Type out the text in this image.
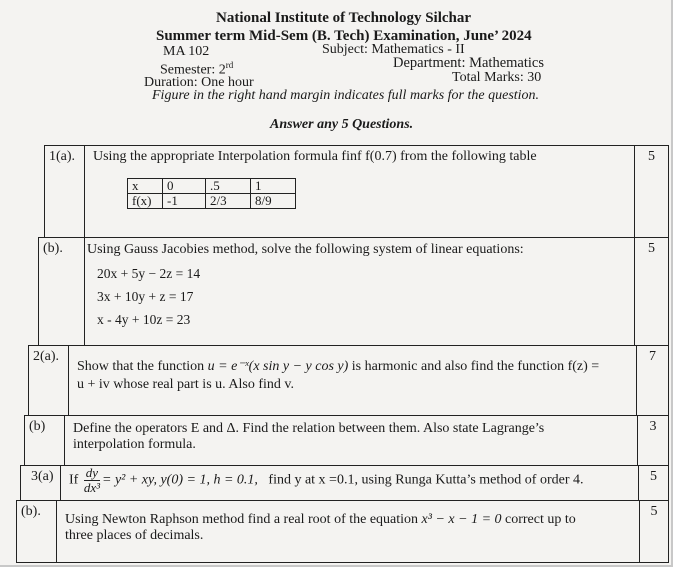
National Institute of Technology Silchar
Summer term Mid-Sem (B. Tech) Examination, June’ 2024
MA 102	Subject: Mathematics - II
Semester: 2rd	Department: Mathematics
Duration: One hour	Total Marks: 30
Figure in the right hand margin indicates full marks for the question.
Answer any 5 Questions.
1(a).	Using the appropriate Interpolation formula finf f(0.7) from the following table
x	0	.5	1
f(x)	-1	2/3	8/9
5
(b).	Using Gauss Jacobies method, solve the following system of linear equations:
20x + 5y − 2z = 14
3x + 10y + z = 17
x - 4y + 10z = 23
5
2(a).
Show that the function u = e⁻ˣ(x sin y − y cos y) is harmonic and also find the function f(z) =
u + iv whose real part is u. Also find v.
7
(b)	Define the operators E and Δ. Find the relation between them. Also state Lagrange’s
interpolation formula.
3
3(a)	If $\frac{dy}{\text{dx³}} = y^2$ + xy, y(0) = 1, h = 0.1, find y at x =0.1, using Runga Kutta’s method of order 4.	5
(b).
Using Newton Raphson method find a real root of the equation x³ − x − 1 = 0 correct up to
three places of decimals.
5
